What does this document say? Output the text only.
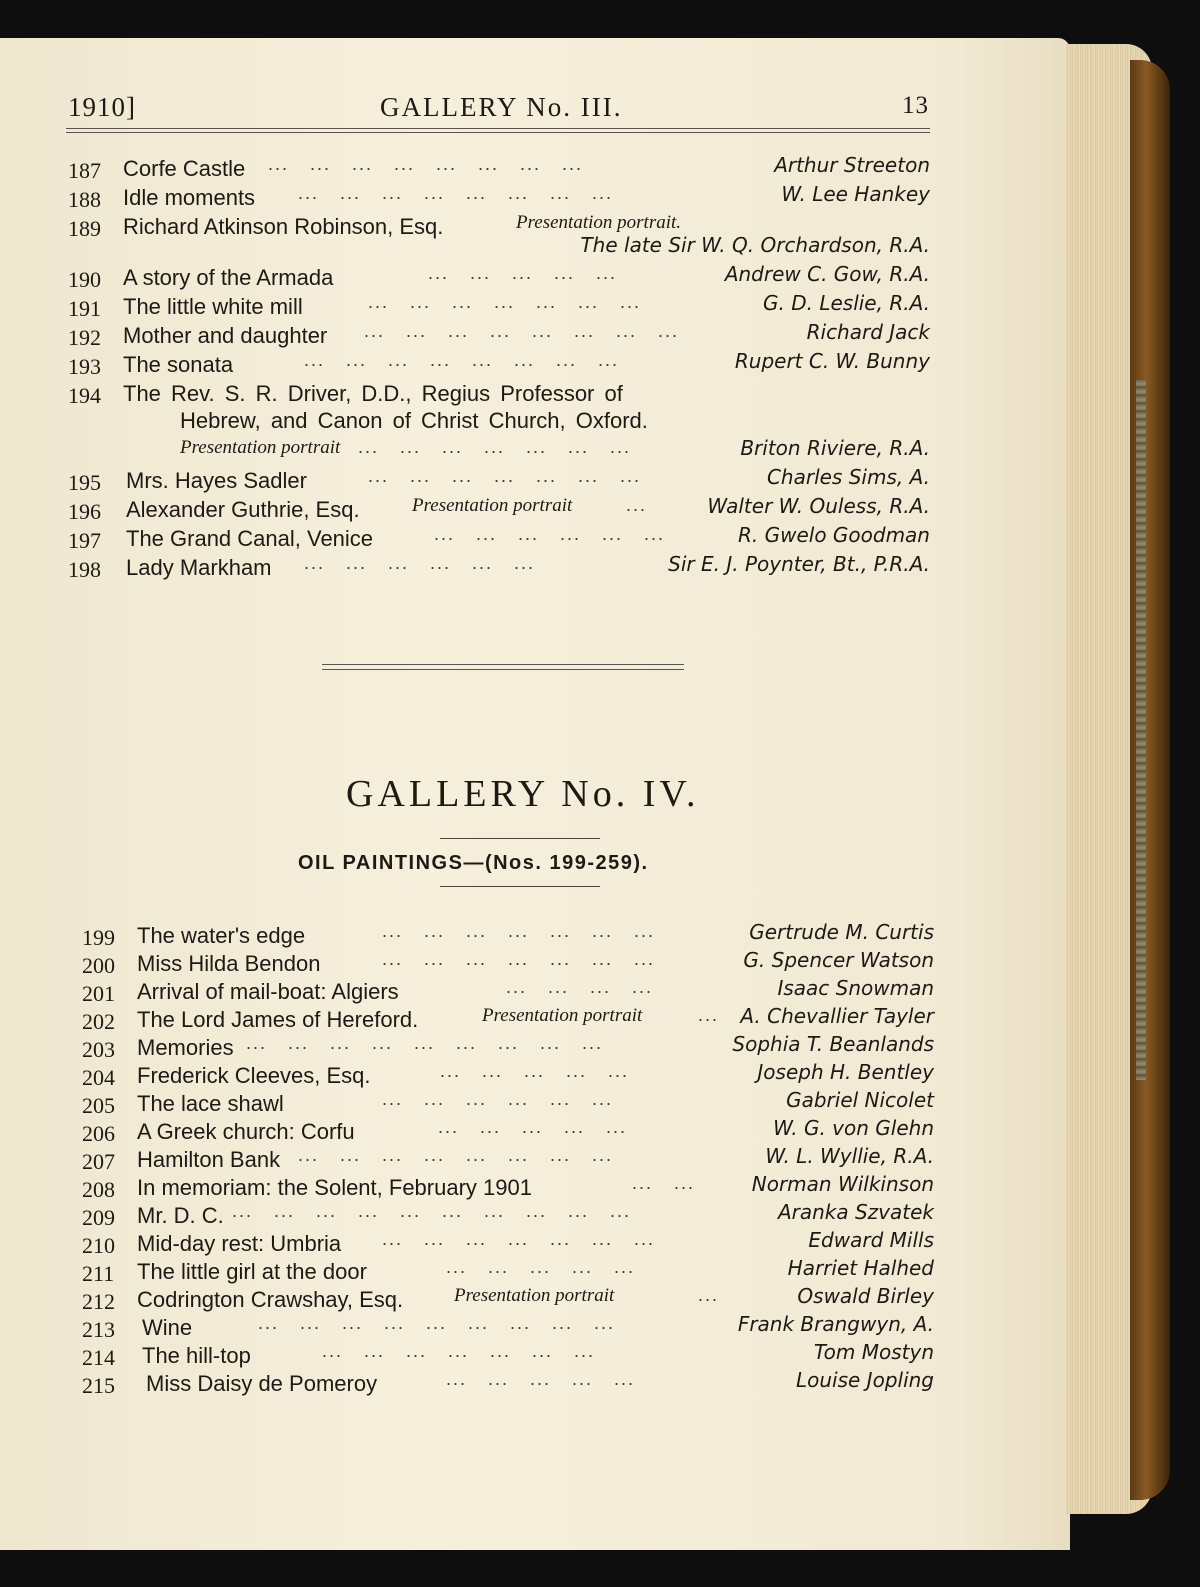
1910]	GALLERY No. III.	13
187	Corfe Castle ...   ...   ...   ...   ...   ...   ...   ...	Arthur Streeton
188	Idle moments ...   ...   ...   ...   ...   ...   ...   ...	W. Lee Hankey
189	Richard Atkinson Robinson, Esq.	Presentation portrait.
The late Sir W. Q. Orchardson, R.A.
190	A story of the Armada	...   ...   ...   ...   ...	Andrew C. Gow, R.A.
191	The little white mill	...   ...   ...   ...   ...   ...   ...	G. D. Leslie, R.A.
192	Mother and daughter ...   ...   ...   ...   ...   ...   ...   ...	Richard Jack
193	The sonata	...   ...   ...   ...   ...   ...   ...   ...	Rupert C. W. Bunny
194	The Rev. S. R. Driver, D.D., Regius Professor of
Hebrew, and Canon of Christ Church, Oxford.
Presentation portrait ...   ...   ...   ...   ...   ...   ...	Briton Riviere, R.A.
195	Mrs. Hayes Sadler	...   ...   ...   ...   ...   ...   ...	Charles Sims, A.
196	Alexander Guthrie, Esq.	Presentation portrait	...	Walter W. Ouless, R.A.
197	The Grand Canal, Venice	...   ...   ...   ...   ...   ...	R. Gwelo Goodman
198	Lady Markham ...   ...   ...   ...   ...   ...	Sir E. J. Poynter, Bt., P.R.A.
GALLERY No. IV.
OIL PAINTINGS—(Nos. 199-259).
199	The water's edge	...   ...   ...   ...   ...   ...   ...	Gertrude M. Curtis
200	Miss Hilda Bendon	...   ...   ...   ...   ...   ...   ...	G. Spencer Watson
201	Arrival of mail-boat: Algiers	...   ...   ...   ...	Isaac Snowman
202	The Lord James of Hereford.	Presentation portrait	...	A. Chevallier Tayler
203	Memories ...   ...   ...   ...   ...   ...   ...   ...   ...	Sophia T. Beanlands
204	Frederick Cleeves, Esq.	...   ...   ...   ...   ...	Joseph H. Bentley
205	The lace shawl	...   ...   ...   ...   ...   ...	Gabriel Nicolet
206	A Greek church: Corfu	...   ...   ...   ...   ...	W. G. von Glehn
207	Hamilton Bank ...   ...   ...   ...   ...   ...   ...   ...	W. L. Wyllie, R.A.
208	In memoriam: the Solent, February 1901	...   ...	Norman Wilkinson
209	Mr. D. C. ...   ...   ...   ...   ...   ...   ...   ...   ...   ...	Aranka Szvatek
210	Mid-day rest: Umbria ...   ...   ...   ...   ...   ...   ...	Edward Mills
211	The little girl at the door	...   ...   ...   ...   ...	Harriet Halhed
212	Codrington Crawshay, Esq.	Presentation portrait	...	Oswald Birley
213	Wine	...   ...   ...   ...   ...   ...   ...   ...   ...	Frank Brangwyn, A.
214	The hill-top	...   ...   ...   ...   ...   ...   ...	Tom Mostyn
215	Miss Daisy de Pomeroy	...   ...   ...   ...   ...	Louise Jopling
